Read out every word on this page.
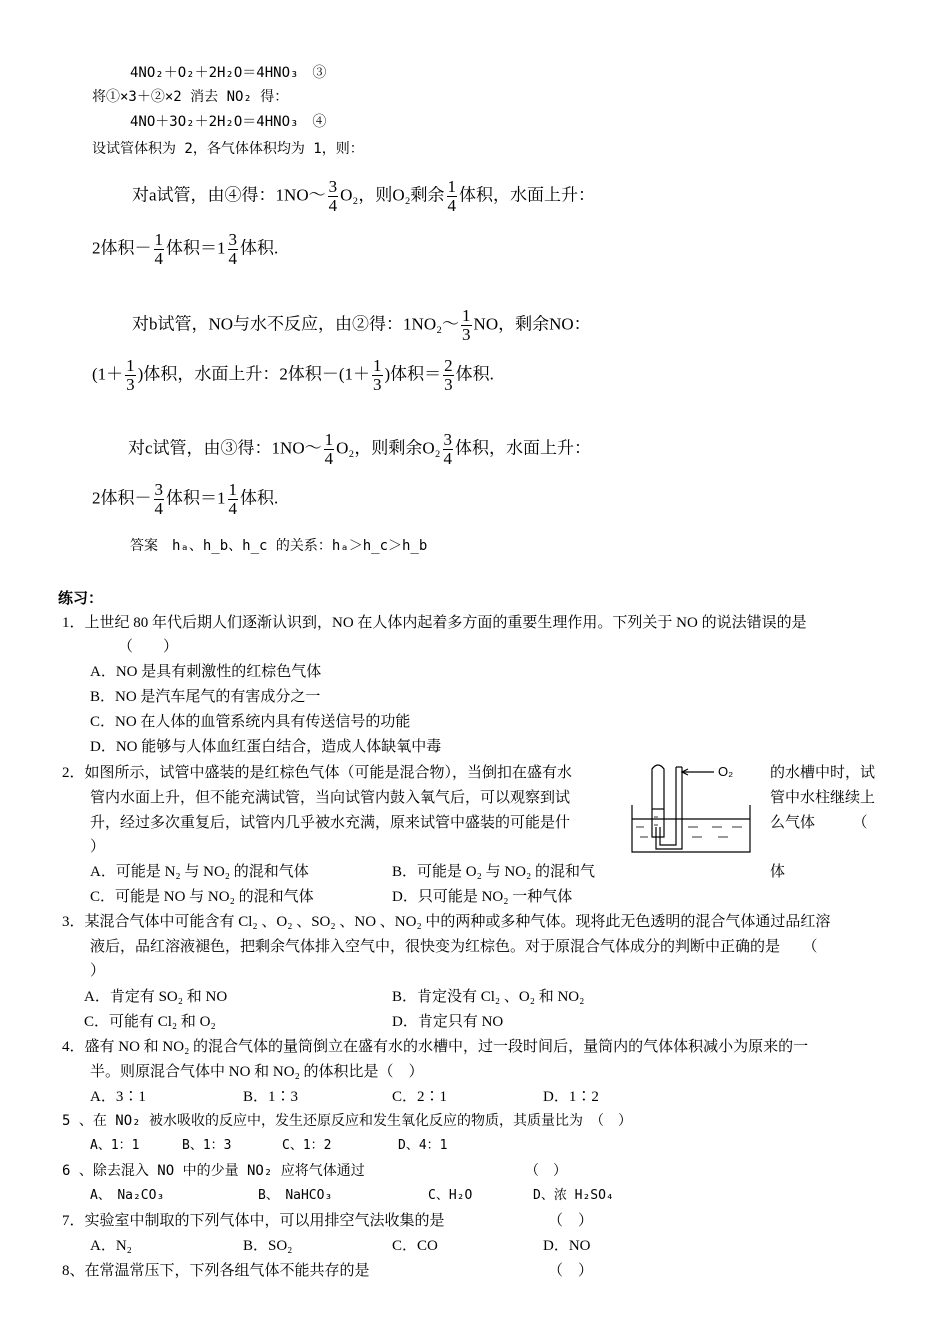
4NO₂＋O₂＋2H₂O＝4HNO₃　③
将①×3＋②×2 消去 NO₂ 得：
4NO＋3O₂＋2H₂O＝4HNO₃　④
设试管体积为 2，各气体体积均为 1，则：
对a试管，由④得：1NO～ $\frac{3}{4} O_2$，则O₂剩余 $\frac{1}{4}$ 体积，水面上升：
2体积－ $\frac{1}{4}$ 体积$=1 \frac{3}{4}$ 体积.
对b试管，NO与水不反应，由②得：1NO₂～ $\frac{1}{3}$ NO，剩余NO：
($1+ \frac{1}{3}$ )体积，水面上升：2体积$-(1+ \frac{1}{3}$ )体积＝ $\frac{2}{3}$ 体积.
对c试管，由③得：1NO～ $\frac{1}{4} O_2$，则剩余$O_2 \frac{3}{4}$ 体积，水面上升：
2体积－ $\frac{3}{4}$ 体积$=1 \frac{1}{4}$ 体积.
答案　hₐ、h_b、h_c 的关系：hₐ＞h_c＞h_b
练习：
1．上世纪 80 年代后期人们逐渐认识到，NO 在人体内起着多方面的重要生理作用。下列关于 NO 的说法错误的是
（　　）
A．NO 是具有刺激性的红棕色气体
B．NO 是汽车尾气的有害成分之一
C．NO 在人体的血管系统内具有传送信号的功能
D．NO 能够与人体血红蛋白结合，造成人体缺氧中毒
2．如图所示，试管中盛装的是红棕色气体（可能是混合物），当倒扣在盛有水
管内水面上升，但不能充满试管，当向试管内鼓入氧气后，可以观察到试
升，经过多次重复后，试管内几乎被水充满，原来试管中盛装的可能是什
）
的水槽中时，试
管中水柱继续上
么气体　　　（
A．可能是 N₂ 与 NO₂ 的混和气体	B．可能是 O₂ 与 NO₂ 的混和气	体
C．可能是 NO 与 NO₂ 的混和气体	D．只可能是 NO₂ 一种气体
O₂
3．某混合气体中可能含有 Cl₂ 、O₂ 、SO₂ 、NO 、NO₂ 中的两种或多种气体。现将此无色透明的混合气体通过品红溶
液后，品红溶液褪色，把剩余气体排入空气中，很快变为红棕色。对于原混合气体成分的判断中正确的是　　（
）
A．肯定有 SO₂ 和 NO	B．肯定没有 Cl₂ 、O₂ 和 NO₂
C．可能有 Cl₂ 和 O₂	D．肯定只有 NO
4．盛有 NO 和 NO₂ 的混合气体的量筒倒立在盛有水的水槽中，过一段时间后，量筒内的气体体积减小为原来的一
半。则原混合气体中 NO 和 NO₂ 的体积比是（　）
A．3∶1	B．1∶3	C．2∶1	D．1∶2
5 、在 NO₂ 被水吸收的反应中，发生还原反应和发生氧化反应的物质，其质量比为　（　）
A、1：1	B、1：3	C、1：2	D、4：1
6 、除去混入 NO 中的少量 NO₂ 应将气体通过	（　）
A、　Na₂CO₃	B、　NaHCO₃	C、H₂O	D、浓 H₂SO₄
7．实验室中制取的下列气体中，可以用排空气法收集的是	（　）
A．N₂	B．SO₂	C．CO	D．NO
8、在常温常压下，下列各组气体不能共存的是	（　）
